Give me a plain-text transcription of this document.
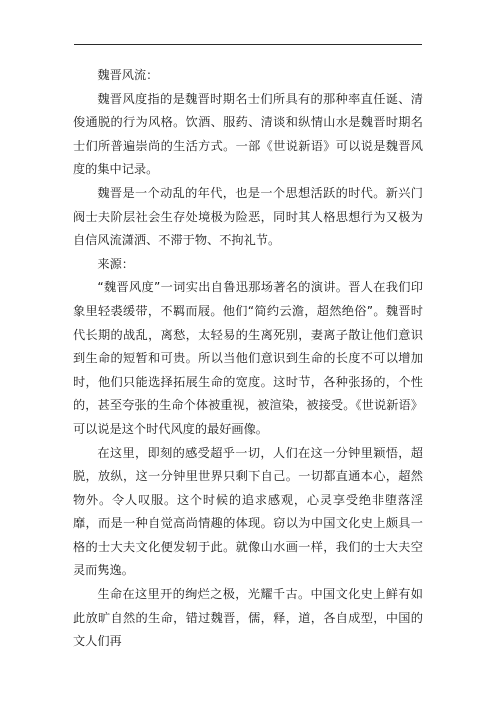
魏晋风流：

魏晋风度指的是魏晋时期名士们所具有的那种率直任诞、清俊通脱的行为风格。饮酒、服药、清谈和纵情山水是魏晋时期名士们所普遍崇尚的生活方式。一部《世说新语》可以说是魏晋风度的集中记录。

魏晋是一个动乱的年代，也是一个思想活跃的时代。新兴门阀士夫阶层社会生存处境极为险恶，同时其人格思想行为又极为自信风流潇洒、不滞于物、不拘礼节。

来源：

“魏晋风度”一词实出自鲁迅那场著名的演讲。晋人在我们印象里轻裘缓带，不羁而屐。他们“简约云澹，超然绝俗”。魏晋时代长期的战乱，离愁，太轻易的生离死别，妻离子散让他们意识到生命的短暂和可贵。所以当他们意识到生命的长度不可以增加时，他们只能选择拓展生命的宽度。这时节，各种张扬的，个性的，甚至夸张的生命个体被重视，被渲染，被接受。《世说新语》可以说是这个时代风度的最好画像。

在这里，即刻的感受超乎一切，人们在这一分钟里颖悟，超脱，放纵，这一分钟里世界只剩下自己。一切都直通本心，超然物外。令人叹服。这个时候的追求感观，心灵享受绝非堕落淫靡，而是一种自觉高尚情趣的体现。窃以为中国文化史上颇具一格的士大夫文化便发轫于此。就像山水画一样，我们的士大夫空灵而隽逸。

生命在这里开的绚烂之极，光耀千古。中国文化史上鲜有如此放旷自然的生命，错过魏晋，儒，释，道，各自成型，中国的文人们再
